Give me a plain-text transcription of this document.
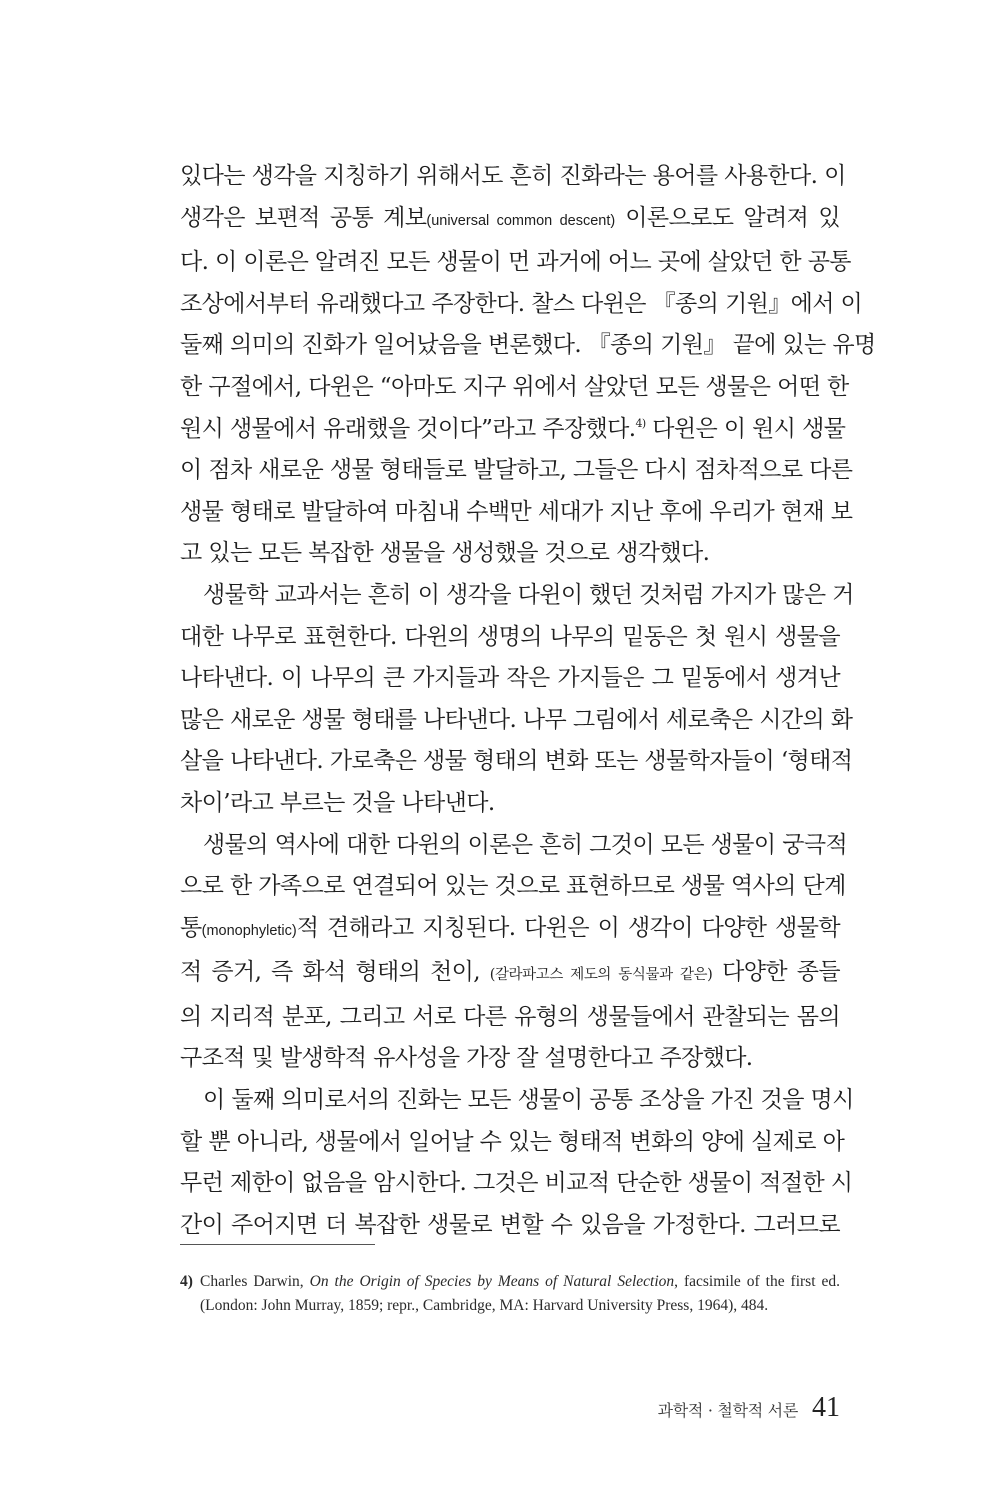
있다는 생각을 지칭하기 위해서도 흔히 진화라는 용어를 사용한다. 이
생각은 보편적 공통 계보(universal common descent) 이론으로도 알려져 있
다. 이 이론은 알려진 모든 생물이 먼 과거에 어느 곳에 살았던 한 공통
조상에서부터 유래했다고 주장한다. 찰스 다윈은 『종의 기원』에서 이
둘째 의미의 진화가 일어났음을 변론했다. 『종의 기원』 끝에 있는 유명
한 구절에서, 다윈은 “아마도 지구 위에서 살았던 모든 생물은 어떤 한
원시 생물에서 유래했을 것이다”라고 주장했다.$^{4)}$ 다윈은 이 원시 생물
이 점차 새로운 생물 형태들로 발달하고, 그들은 다시 점차적으로 다른
생물 형태로 발달하여 마침내 수백만 세대가 지난 후에 우리가 현재 보
고 있는 모든 복잡한 생물을 생성했을 것으로 생각했다.
생물학 교과서는 흔히 이 생각을 다윈이 했던 것처럼 가지가 많은 거
대한 나무로 표현한다. 다윈의 생명의 나무의 밑동은 첫 원시 생물을
나타낸다. 이 나무의 큰 가지들과 작은 가지들은 그 밑동에서 생겨난
많은 새로운 생물 형태를 나타낸다. 나무 그림에서 세로축은 시간의 화
살을 나타낸다. 가로축은 생물 형태의 변화 또는 생물학자들이 ‘형태적
차이’라고 부르는 것을 나타낸다.
생물의 역사에 대한 다윈의 이론은 흔히 그것이 모든 생물이 궁극적
으로 한 가족으로 연결되어 있는 것으로 표현하므로 생물 역사의 단계
통(monophyletic)적 견해라고 지칭된다. 다윈은 이 생각이 다양한 생물학
적 증거, 즉 화석 형태의 천이, (갈라파고스 제도의 동식물과 같은) 다양한 종들
의 지리적 분포, 그리고 서로 다른 유형의 생물들에서 관찰되는 몸의
구조적 및 발생학적 유사성을 가장 잘 설명한다고 주장했다.
이 둘째 의미로서의 진화는 모든 생물이 공통 조상을 가진 것을 명시
할 뿐 아니라, 생물에서 일어날 수 있는 형태적 변화의 양에 실제로 아
무런 제한이 없음을 암시한다. 그것은 비교적 단순한 생물이 적절한 시
간이 주어지면 더 복잡한 생물로 변할 수 있음을 가정한다. 그러므로
4) Charles Darwin, On the Origin of Species by Means of Natural Selection, facsimile of the first ed. (London: John Murray, 1859; repr., Cambridge, MA: Harvard University Press, 1964), 484.
과학적 · 철학적 서론 41
